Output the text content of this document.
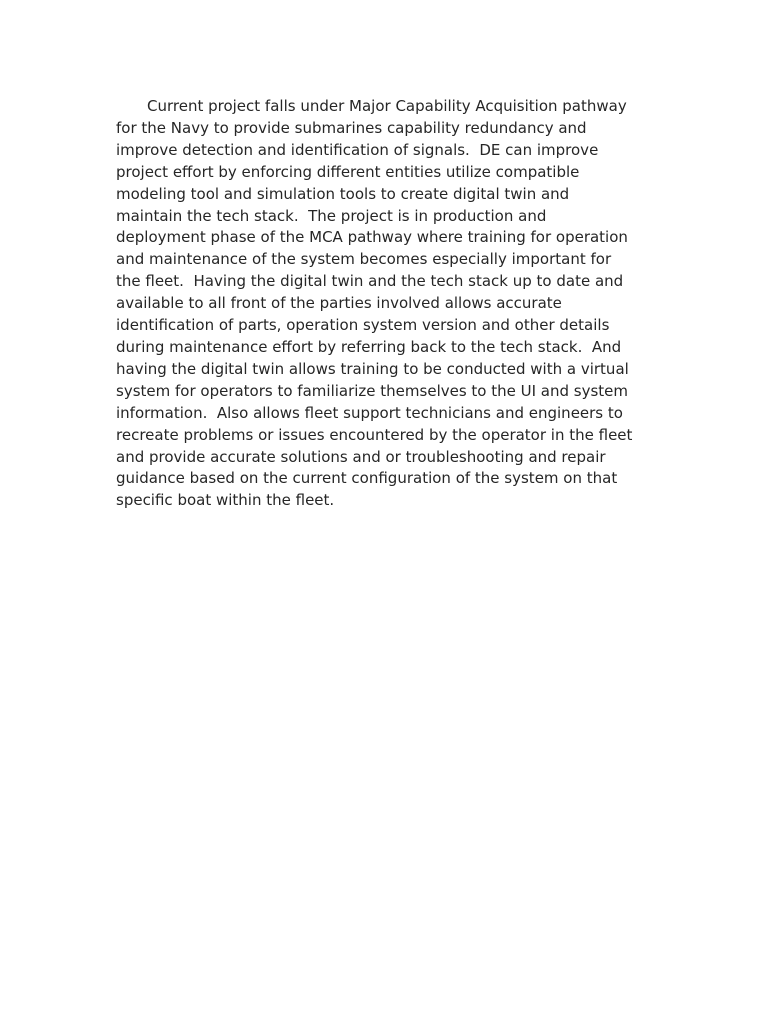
Current project falls under Major Capability Acquisition pathway
for the Navy to provide submarines capability redundancy and
improve detection and identification of signals.  DE can improve
project effort by enforcing different entities utilize compatible
modeling tool and simulation tools to create digital twin and
maintain the tech stack.  The project is in production and
deployment phase of the MCA pathway where training for operation
and maintenance of the system becomes especially important for
the fleet.  Having the digital twin and the tech stack up to date and
available to all front of the parties involved allows accurate
identification of parts, operation system version and other details
during maintenance effort by referring back to the tech stack.  And
having the digital twin allows training to be conducted with a virtual
system for operators to familiarize themselves to the UI and system
information.  Also allows fleet support technicians and engineers to
recreate problems or issues encountered by the operator in the fleet
and provide accurate solutions and or troubleshooting and repair
guidance based on the current configuration of the system on that
specific boat within the fleet.
